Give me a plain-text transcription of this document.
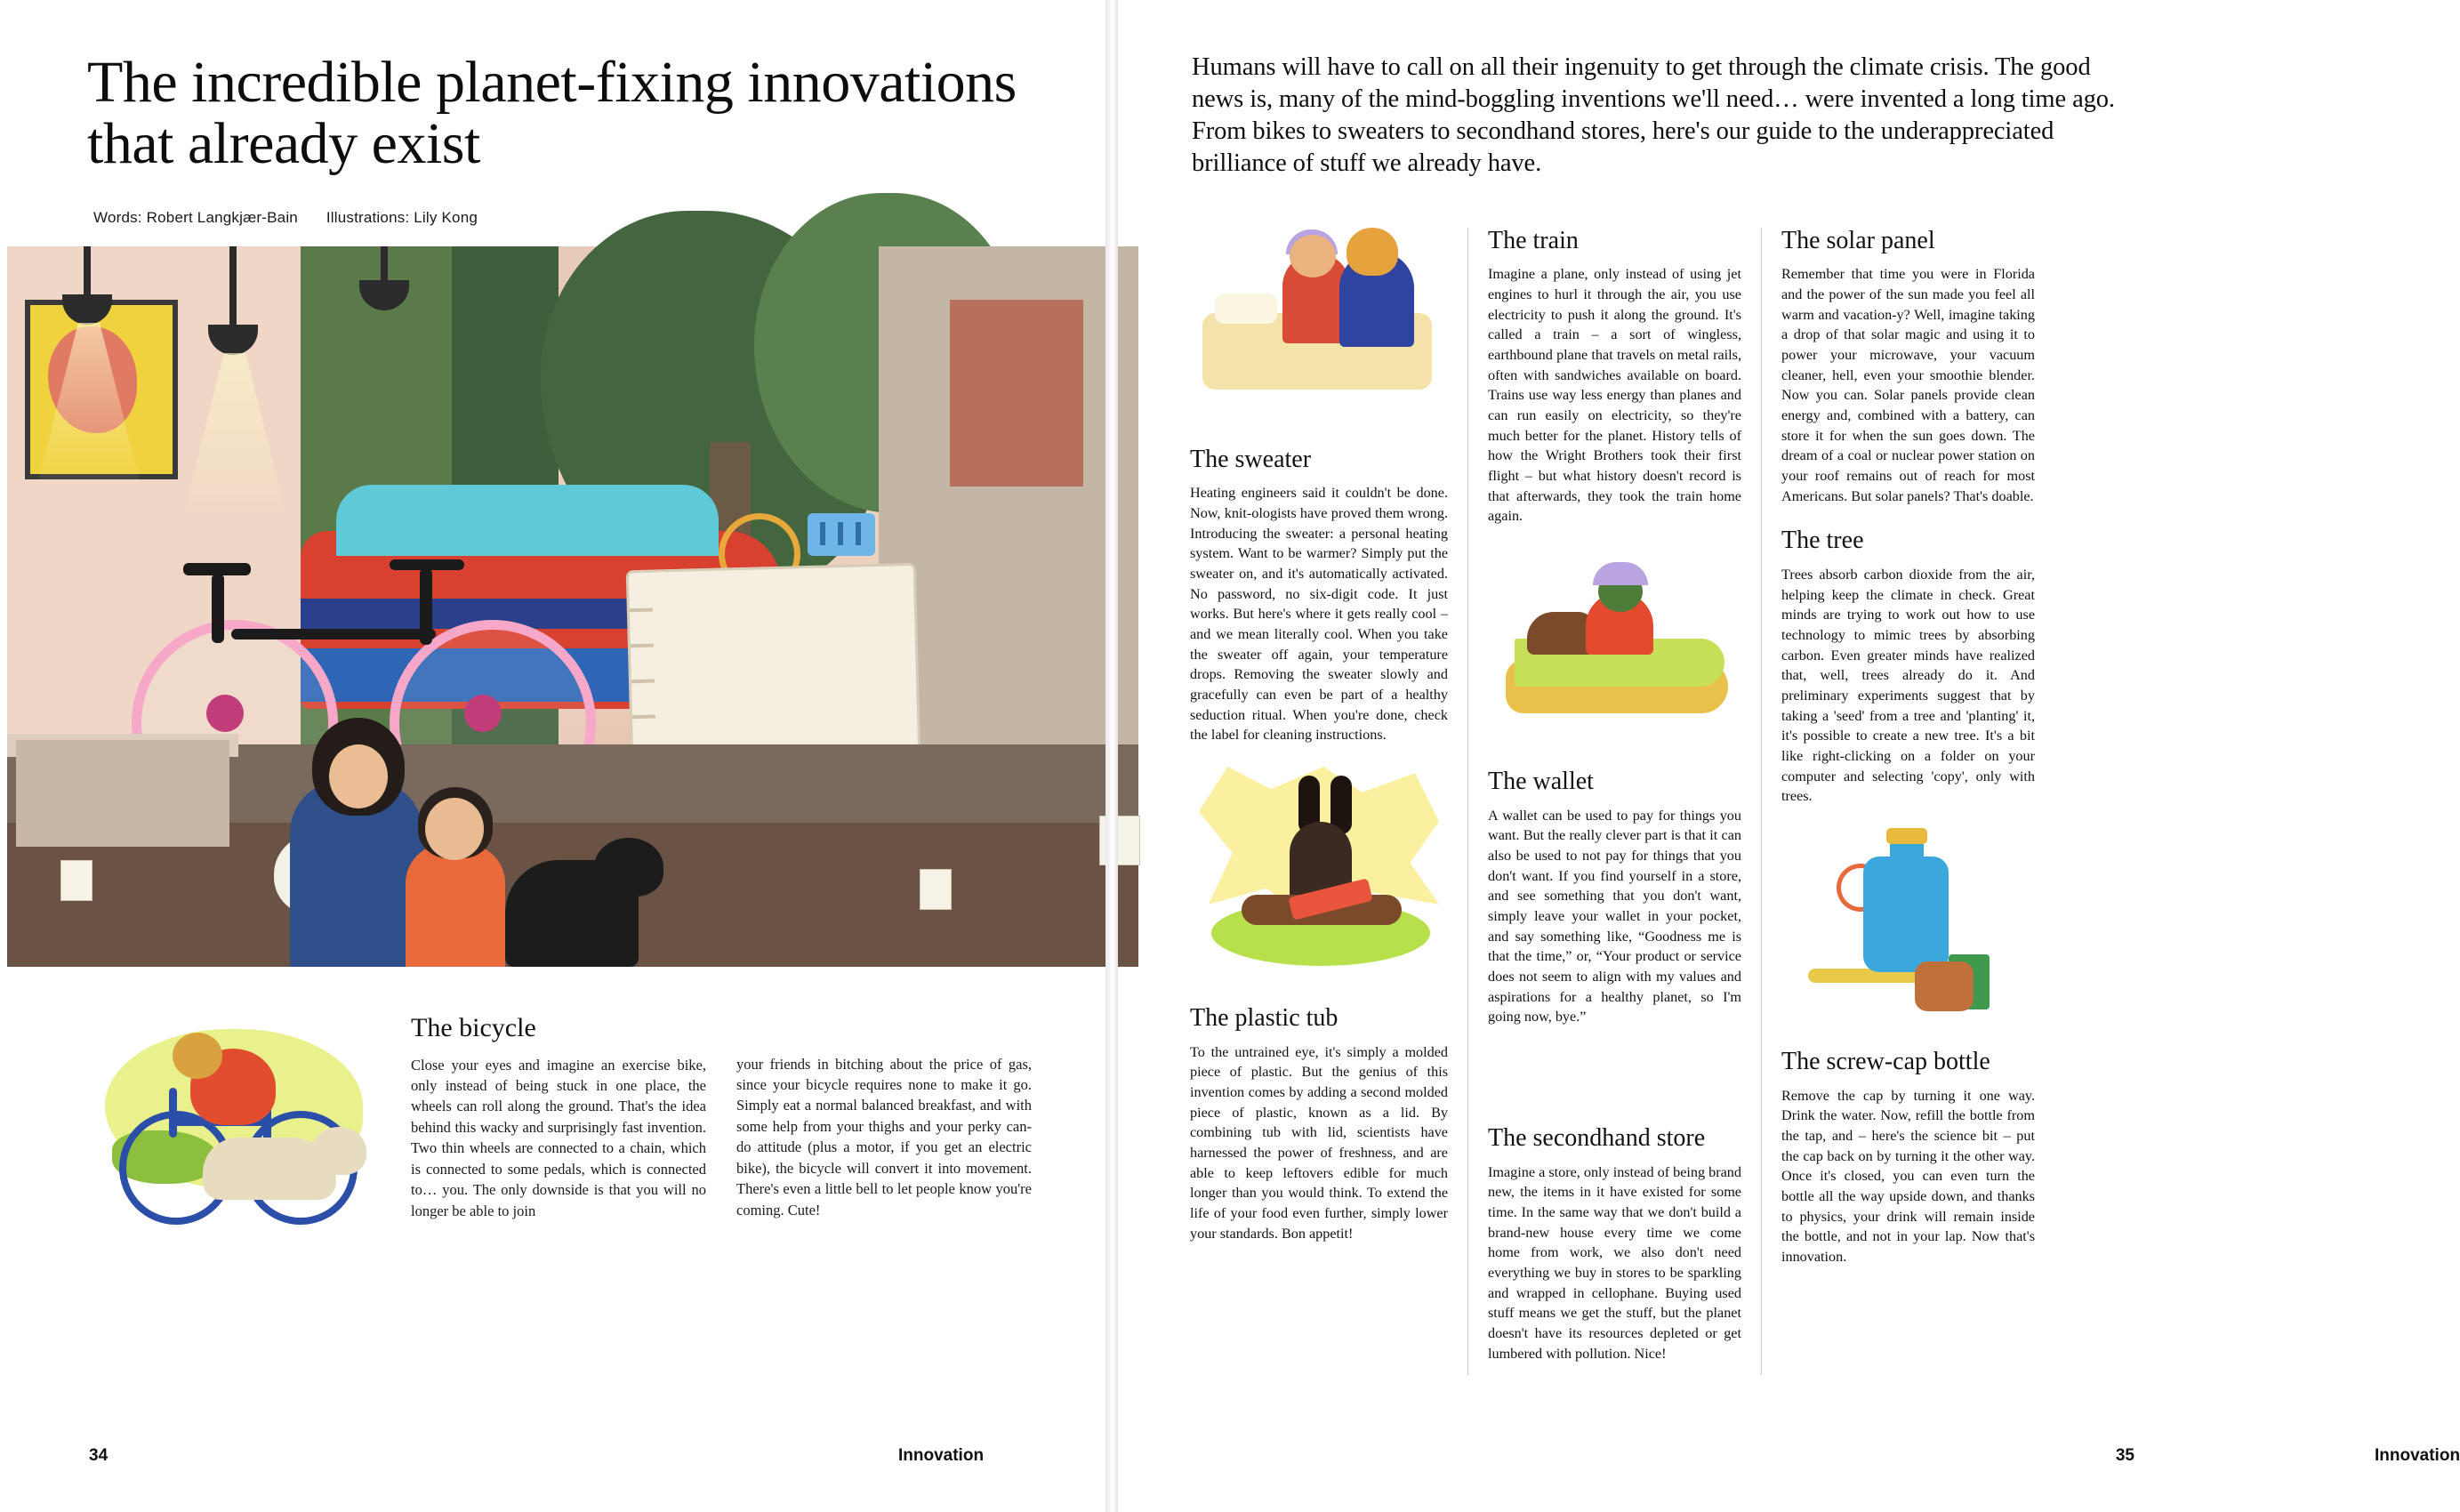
The incredible planet-fixing innovations that already exist
Words: Robert Langkjær-Bain Illustrations: Lily Kong
The bicycle

Close your eyes and imagine an exercise bike, only instead of being stuck in one place, the wheels can roll along the ground. That's the idea behind this wacky and surprisingly fast invention. Two thin wheels are connected to a chain, which is connected to some pedals, which is connected to… you. The only downside is that you will no longer be able to join

your friends in bitching about the price of gas, since your bicycle requires none to make it go. Simply eat a normal balanced breakfast, and with some help from your thighs and your perky can-do attitude (plus a motor, if you get an electric bike), the bicycle will convert it into movement. There's even a little bell to let people know you're coming. Cute!

34	Innovation
Humans will have to call on all their ingenuity to get through the climate crisis. The good news is, many of the mind-boggling inventions we'll need… were invented a long time ago. From bikes to sweaters to secondhand stores, here's our guide to the underappreciated brilliance of stuff we already have.
The sweater

Heating engineers said it couldn't be done. Now, knit-ologists have proved them wrong. Introducing the sweater: a personal heating system. Want to be warmer? Simply put the sweater on, and it's automatically activated. No password, no six-digit code. It just works. But here's where it gets really cool – and we mean literally cool. When you take the sweater off again, your temperature drops. Removing the sweater slowly and gracefully can even be part of a healthy seduction ritual. When you're done, check the label for cleaning instructions.

The plastic tub

To the untrained eye, it's simply a molded piece of plastic. But the genius of this invention comes by adding a second molded piece of plastic, known as a lid. By combining tub with lid, scientists have harnessed the power of freshness, and are able to keep leftovers edible for much longer than you would think. To extend the life of your food even further, simply lower your standards. Bon appetit!

The train

Imagine a plane, only instead of using jet engines to hurl it through the air, you use electricity to push it along the ground. It's called a train – a sort of wingless, earthbound plane that travels on metal rails, often with sandwiches available on board. Trains use way less energy than planes and can run easily on electricity, so they're much better for the planet. History tells of how the Wright Brothers took their first flight – but what history doesn't record is that afterwards, they took the train home again.

The wallet

A wallet can be used to pay for things you want. But the really clever part is that it can also be used to not pay for things that you don't want. If you find yourself in a store, and see something that you don't want, simply leave your wallet in your pocket, and say something like, “Goodness me is that the time,” or, “Your product or service does not seem to align with my values and aspirations for a healthy planet, so I'm going now, bye.”

The secondhand store

Imagine a store, only instead of being brand new, the items in it have existed for some time. In the same way that we don't build a brand-new house every time we come home from work, we also don't need everything we buy in stores to be sparkling and wrapped in cellophane. Buying used stuff means we get the stuff, but the planet doesn't have its resources depleted or get lumbered with pollution. Nice!

The solar panel

Remember that time you were in Florida and the power of the sun made you feel all warm and vacation-y? Well, imagine taking a drop of that solar magic and using it to power your microwave, your vacuum cleaner, hell, even your smoothie blender. Now you can. Solar panels provide clean energy and, combined with a battery, can store it for when the sun goes down. The dream of a coal or nuclear power station on your roof remains out of reach for most Americans. But solar panels? That's doable.

The tree

Trees absorb carbon dioxide from the air, helping keep the climate in check. Great minds are trying to work out how to use technology to mimic trees by absorbing carbon. Even greater minds have realized that, well, trees already do it. And preliminary experiments suggest that by taking a 'seed' from a tree and 'planting' it, it's possible to create a new tree. It's a bit like right-clicking on a folder on your computer and selecting 'copy', only with trees.

The screw-cap bottle

Remove the cap by turning it one way. Drink the water. Now, refill the bottle from the tap, and – here's the science bit – put the cap back on by turning it the other way. Once it's closed, you can even turn the bottle all the way upside down, and thanks to physics, your drink will remain inside the bottle, and not in your lap. Now that's innovation.

Innovation
35
